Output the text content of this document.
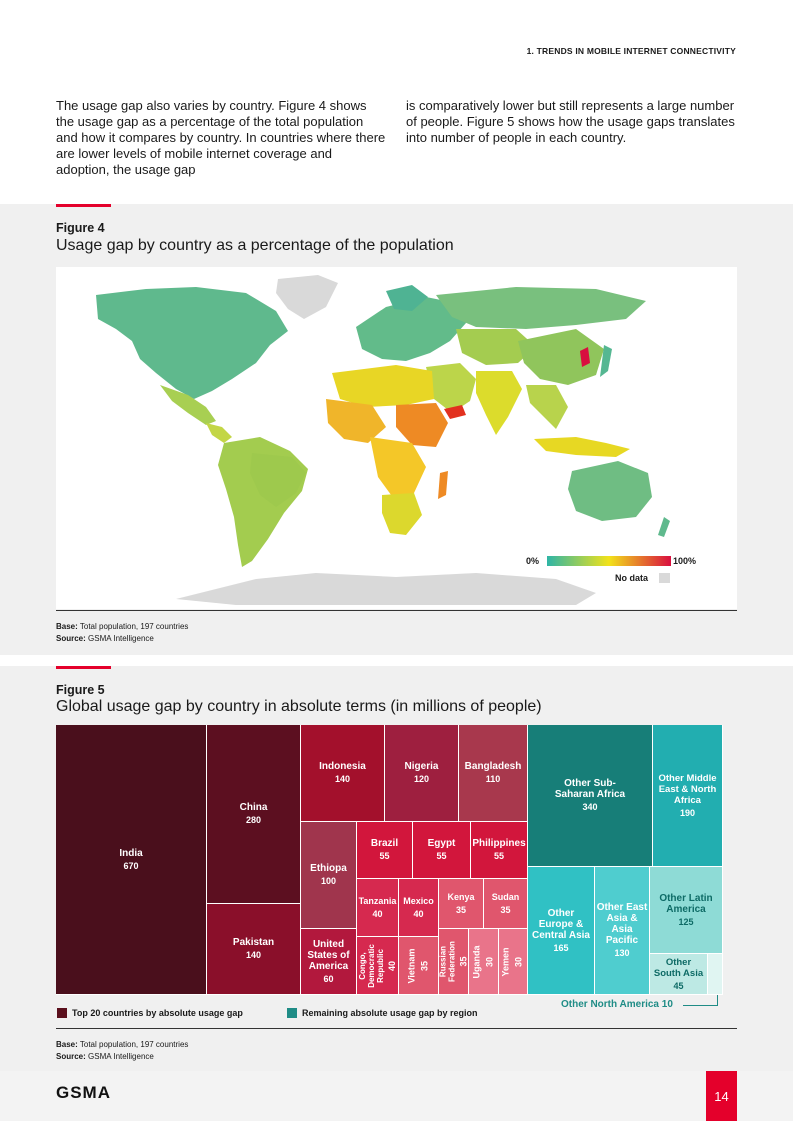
1. TRENDS IN MOBILE INTERNET CONNECTIVITY
The usage gap also varies by country. Figure 4 shows the usage gap as a percentage of the total population and how it compares by country. In countries where there are lower levels of mobile internet coverage and adoption, the usage gap
is comparatively lower but still represents a large number of people. Figure 5 shows how the usage gaps translates into number of people in each country.
Figure 4
Usage gap by country as a percentage of the population
0%	100%
No data
Base: Total population, 197 countries
Source: GSMA Intelligence
Figure 5
Global usage gap by country in absolute terms (in millions of people)
India
670
China
280
Pakistan
140
Indonesia
140
Nigeria
120
Bangladesh
110
Ethiopa
100
Brazil
55
Egypt
55
Philippines
55
United States of America
60
Tanzania
40
Mexico
40
Kenya
35
Sudan
35
Congo, Democratic Republic 40 Vietnam 35 Russian Federation 35 Uganda 30 Yemen 30
Other Sub-Saharan Africa
340
Other Middle East & North Africa
190
Other Europe & Central Asia
165
Other East Asia & Asia Pacific
130
Other Latin America
125
Other South Asia
45
Other North America 10
Top 20 countries by absolute usage gap	Remaining absolute usage gap by region
Base: Total population, 197 countries
Source: GSMA Intelligence
GSMA	14
